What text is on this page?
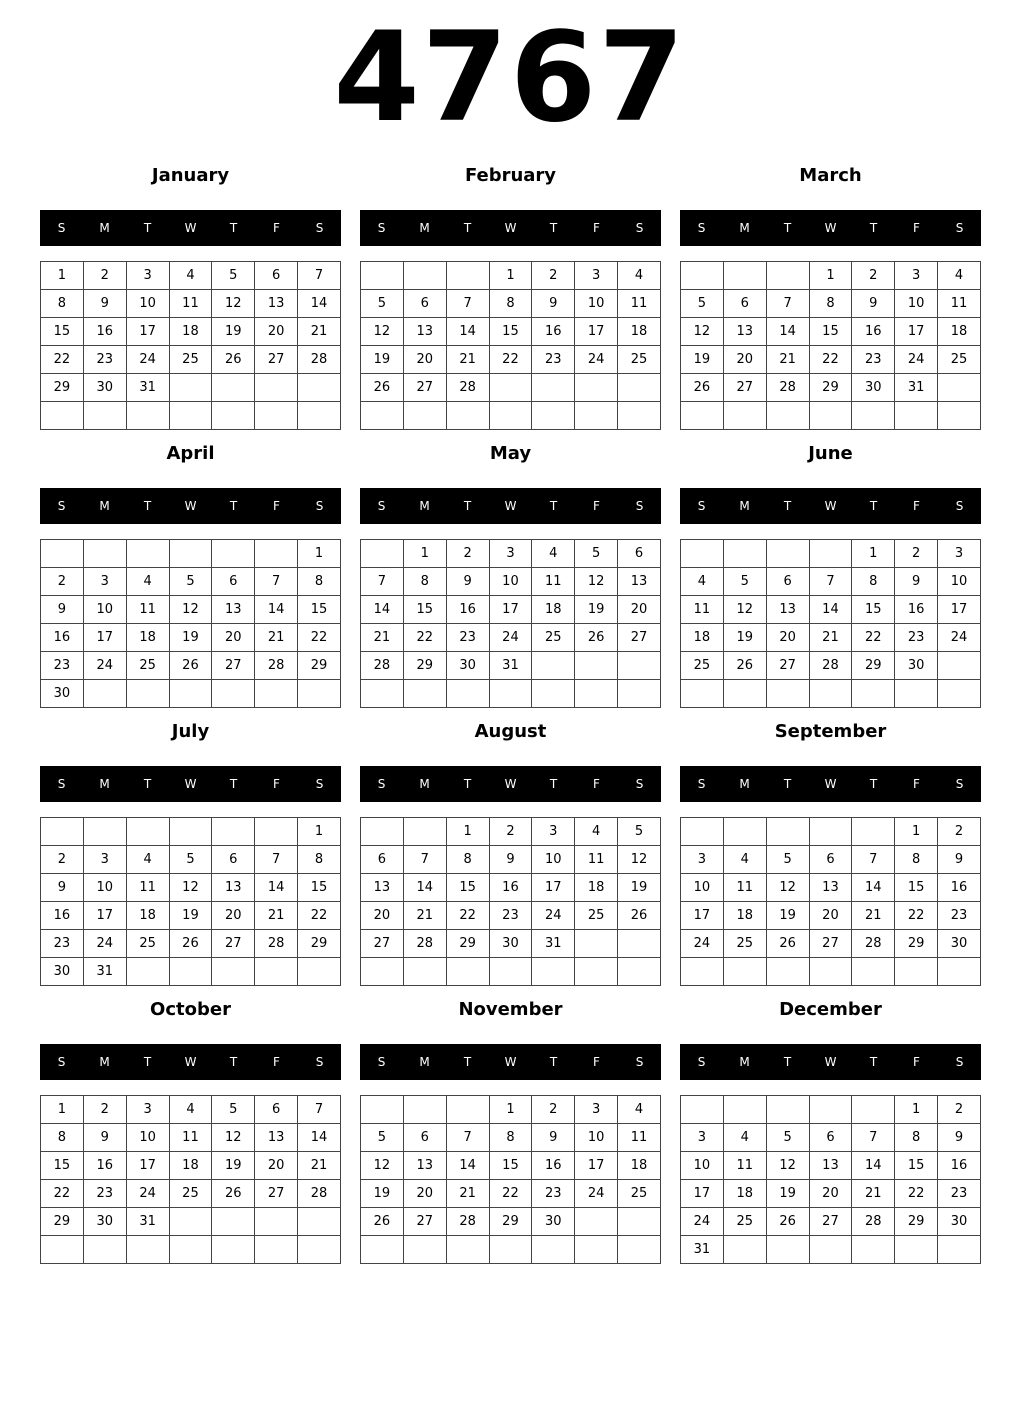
4767
January
S	M	T	W	T	F	S
1	2	3	4	5	6	7
8	9	10	11	12	13	14
15	16	17	18	19	20	21
22	23	24	25	26	27	28
29	30	31				

February
S	M	T	W	T	F	S
			1	2	3	4
5	6	7	8	9	10	11
12	13	14	15	16	17	18
19	20	21	22	23	24	25
26	27	28				

March
S	M	T	W	T	F	S
			1	2	3	4
5	6	7	8	9	10	11
12	13	14	15	16	17	18
19	20	21	22	23	24	25
26	27	28	29	30	31	

April
S	M	T	W	T	F	S
						1
2	3	4	5	6	7	8
9	10	11	12	13	14	15
16	17	18	19	20	21	22
23	24	25	26	27	28	29
30						
May
S	M	T	W	T	F	S
	1	2	3	4	5	6
7	8	9	10	11	12	13
14	15	16	17	18	19	20
21	22	23	24	25	26	27
28	29	30	31			

June
S	M	T	W	T	F	S
				1	2	3
4	5	6	7	8	9	10
11	12	13	14	15	16	17
18	19	20	21	22	23	24
25	26	27	28	29	30	

July
S	M	T	W	T	F	S
						1
2	3	4	5	6	7	8
9	10	11	12	13	14	15
16	17	18	19	20	21	22
23	24	25	26	27	28	29
30	31					
August
S	M	T	W	T	F	S
		1	2	3	4	5
6	7	8	9	10	11	12
13	14	15	16	17	18	19
20	21	22	23	24	25	26
27	28	29	30	31		

September
S	M	T	W	T	F	S
					1	2
3	4	5	6	7	8	9
10	11	12	13	14	15	16
17	18	19	20	21	22	23
24	25	26	27	28	29	30

October
S	M	T	W	T	F	S
1	2	3	4	5	6	7
8	9	10	11	12	13	14
15	16	17	18	19	20	21
22	23	24	25	26	27	28
29	30	31				

November
S	M	T	W	T	F	S
			1	2	3	4
5	6	7	8	9	10	11
12	13	14	15	16	17	18
19	20	21	22	23	24	25
26	27	28	29	30		

December
S	M	T	W	T	F	S
					1	2
3	4	5	6	7	8	9
10	11	12	13	14	15	16
17	18	19	20	21	22	23
24	25	26	27	28	29	30
31						
